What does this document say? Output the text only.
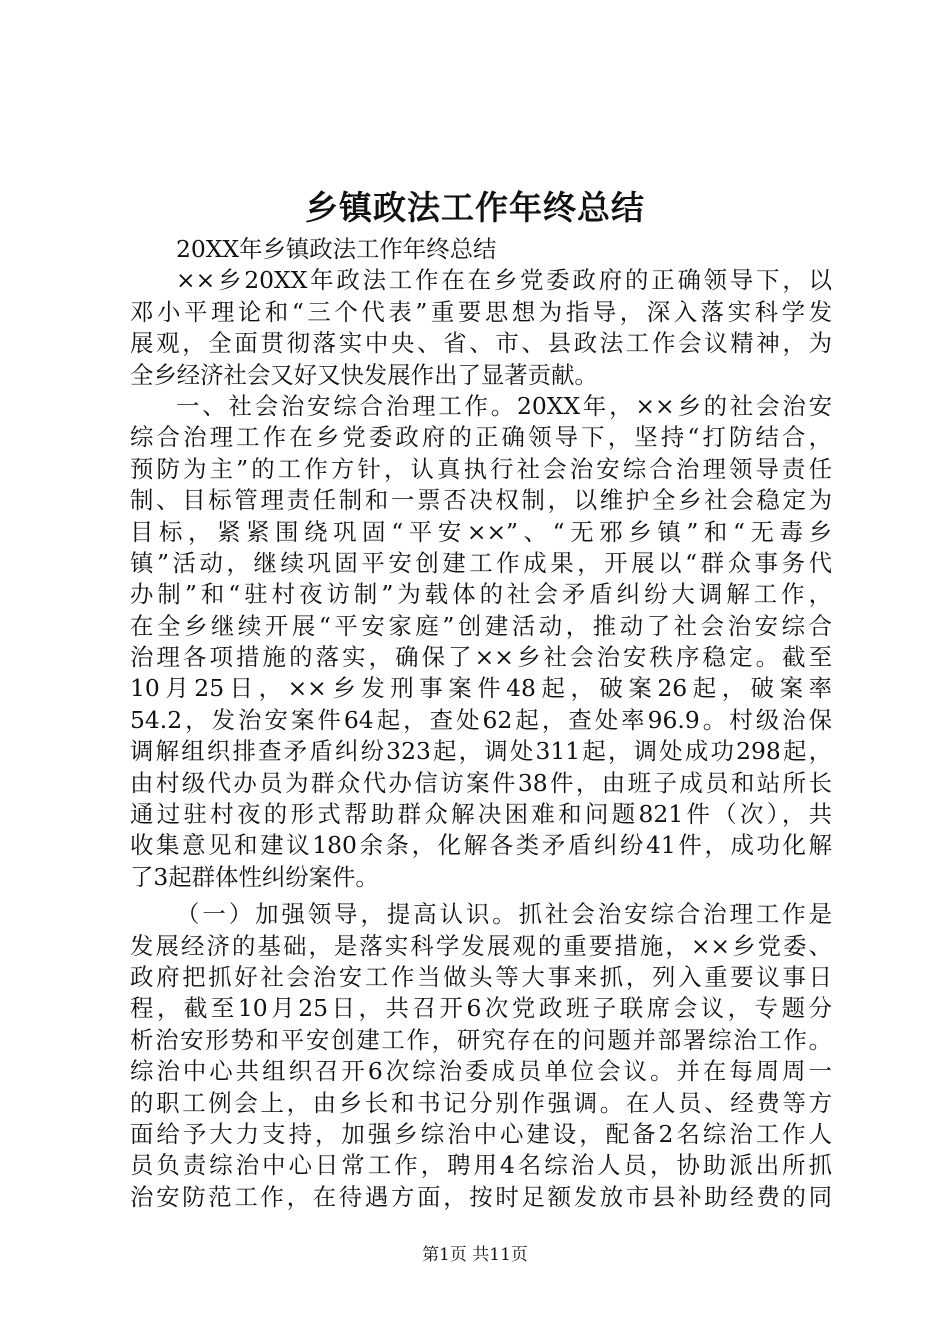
乡镇政法工作年终总结
20XX年乡镇政法工作年终总结
××乡20XX年政法工作在在乡党委政府的正确领导下，以
邓小平理论和“三个代表”重要思想为指导，深入落实科学发
展观，全面贯彻落实中央、省、市、县政法工作会议精神，为
全乡经济社会又好又快发展作出了显著贡献。
一、社会治安综合治理工作。20XX年，××乡的社会治安
综合治理工作在乡党委政府的正确领导下，坚持“打防结合，
预防为主”的工作方针，认真执行社会治安综合治理领导责任
制、目标管理责任制和一票否决权制，以维护全乡社会稳定为
目标，紧紧围绕巩固“平安××”、“无邪乡镇”和“无毒乡
镇”活动，继续巩固平安创建工作成果，开展以“群众事务代
办制”和“驻村夜访制”为载体的社会矛盾纠纷大调解工作，
在全乡继续开展“平安家庭”创建活动，推动了社会治安综合
治理各项措施的落实，确保了××乡社会治安秩序稳定。截至
10月25日，××乡发刑事案件48起，破案26起，破案率
54.2，发治安案件64起，查处62起，查处率96.9。村级治保
调解组织排查矛盾纠纷323起，调处311起，调处成功298起，
由村级代办员为群众代办信访案件38件，由班子成员和站所长
通过驻村夜的形式帮助群众解决困难和问题821件（次），共
收集意见和建议180余条，化解各类矛盾纠纷41件，成功化解
了3起群体性纠纷案件。
（一）加强领导，提高认识。抓社会治安综合治理工作是
发展经济的基础，是落实科学发展观的重要措施，××乡党委、
政府把抓好社会治安工作当做头等大事来抓，列入重要议事日
程，截至10月25日，共召开6次党政班子联席会议，专题分
析治安形势和平安创建工作，研究存在的问题并部署综治工作。
综治中心共组织召开6次综治委成员单位会议。并在每周周一
的职工例会上，由乡长和书记分别作强调。在人员、经费等方
面给予大力支持，加强乡综治中心建设，配备2名综治工作人
员负责综治中心日常工作，聘用4名综治人员，协助派出所抓
治安防范工作，在待遇方面，按时足额发放市县补助经费的同
第1页 共11页
